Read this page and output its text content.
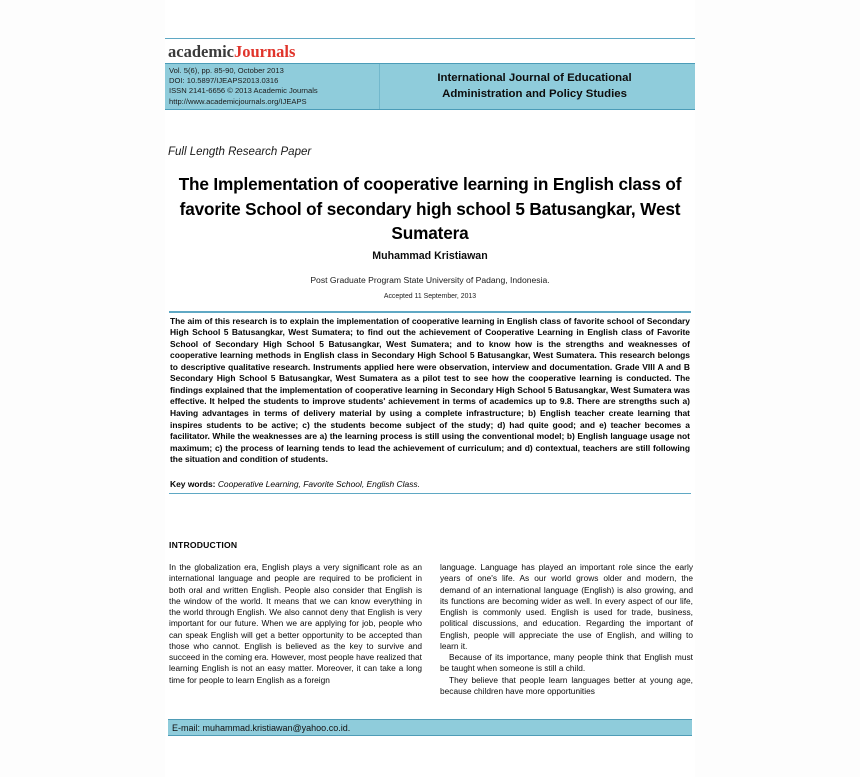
academicJournals
Vol. 5(6), pp. 85-90, October 2013
DOI: 10.5897/IJEAPS2013.0316
ISSN 2141-6656 © 2013 Academic Journals
http://www.academicjournals.org/IJEAPS
International Journal of Educational
Administration and Policy Studies
Full Length Research Paper
The Implementation of cooperative learning in English class of favorite School of secondary high school 5 Batusangkar, West Sumatera
Muhammad Kristiawan
Post Graduate Program State University of Padang, Indonesia.
Accepted 11 September, 2013
The aim of this research is to explain the implementation of cooperative learning in English class of favorite school of Secondary High School 5 Batusangkar, West Sumatera; to find out the achievement of Cooperative Learning in English class of Favorite School of Secondary High School 5 Batusangkar, West Sumatera; and to know how is the strengths and weaknesses of cooperative learning methods in English class in Secondary High School 5 Batusangkar, West Sumatera. This research belongs to descriptive qualitative research. Instruments applied here were observation, interview and documentation. Grade VIII A and B Secondary High School 5 Batusangkar, West Sumatera as a pilot test to see how the cooperative learning is conducted. The findings explained that the implementation of cooperative learning in Secondary High School 5 Batusangkar, West Sumatera was effective. It helped the students to improve students' achievement in terms of academics up to 9.8. There are strengths such a) Having advantages in terms of delivery material by using a complete infrastructure; b) English teacher create learning that inspires students to be active; c) the students become subject of the study; d) had quite good; and e) teacher becomes a facilitator. While the weaknesses are a) the learning process is still using the conventional model; b) English language usage not maximum; c) the process of learning tends to lead the achievement of curriculum; and d) contextual, teachers are still following the situation and condition of students.
Key words: Cooperative Learning, Favorite School, English Class.
INTRODUCTION

In the globalization era, English plays a very significant role as an international language and people are required to be proficient in both oral and written English. People also consider that English is the window of the world. It means that we can know everything in the world through English. We also cannot deny that English is very important for our future. When we are applying for job, people who can speak English will get a better opportunity to be accepted than those who cannot. English is believed as the key to survive and succeed in the coming era. However, most people have realized that learning English is not an easy matter. Moreover, it can take a long time for people to learn English as a foreign

language. Language has played an important role since the early years of one's life. As our world grows older and modern, the demand of an international language (English) is also growing, and its functions are becoming wider as well. In every aspect of our life, English is commonly used. English is used for trade, business, political discussions, and education. Regarding the important of English, people will appreciate the use of English, and willing to learn it.

Because of its importance, many people think that English must be taught when someone is still a child.

They believe that people learn languages better at young age, because children have more opportunities

E-mail: muhammad.kristiawan@yahoo.co.id.
